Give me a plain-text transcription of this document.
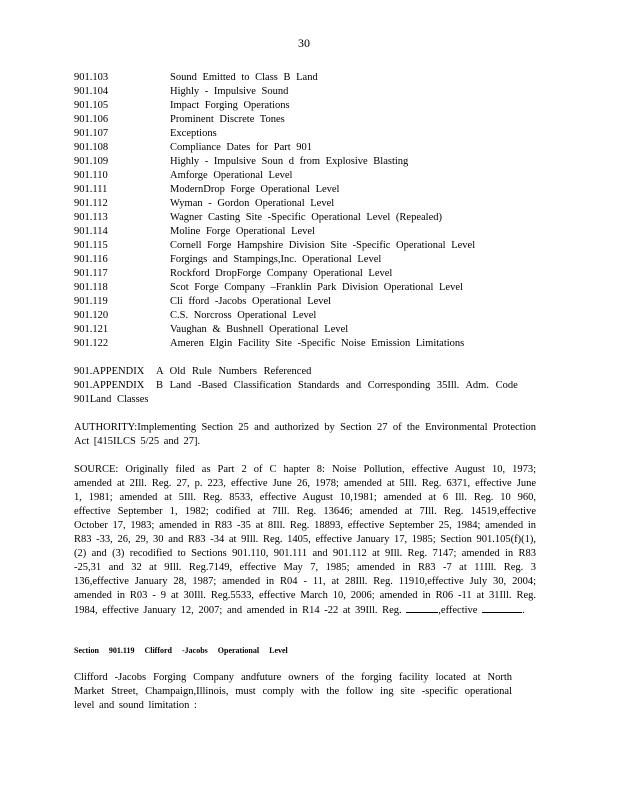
30
901.103	Sound Emitted to Class B Land
901.104	Highly - Impulsive Sound
901.105	Impact Forging Operations
901.106	Prominent Discrete Tones
901.107	Exceptions
901.108	Compliance Dates for Part 901
901.109	Highly - Impulsive Soun d from Explosive Blasting
901.110	Amforge Operational Level
901.111	ModernDrop Forge Operational Level
901.112	Wyman - Gordon Operational Level
901.113	Wagner Casting Site -Specific Operational Level (Repealed)
901.114	Moline Forge Operational Level
901.115	Cornell Forge Hampshire Division Site -Specific Operational Level
901.116	Forgings and Stampings,Inc. Operational Level
901.117	Rockford DropForge Company Operational Level
901.118	Scot Forge Company –Franklin Park Division Operational Level
901.119	Cli fford -Jacobs Operational Level
901.120	C.S. Norcross Operational Level
901.121	Vaughan & Bushnell Operational Level
901.122	Ameren Elgin Facility Site -Specific Noise Emission Limitations
901.APPENDIX	A Old Rule Numbers Referenced
901.APPENDIX	B Land -Based Classification Standards and Corresponding 35Ill. Adm. Code
901Land Classes
AUTHORITY:Implementing Section 25 and authorized by Section 27 of the Environmental Protection Act [415ILCS 5/25 and 27].
SOURCE: Originally filed as Part 2 of C hapter 8: Noise Pollution, effective August 10, 1973; amended at 2Ill. Reg. 27, p. 223, effective June 26, 1978; amended at 5Ill. Reg. 6371, effective June 1, 1981; amended at 5Ill. Reg. 8533, effective August 10,1981; amended at 6 Ill. Reg. 10 960, effective September 1, 1982; codified at 7Ill. Reg. 13646; amended at 7Ill. Reg. 14519,effective October 17, 1983; amended in R83 -35 at 8Ill. Reg. 18893, effective September 25, 1984; amended in R83 -33, 26, 29, 30 and R83 -34 at 9Ill. Reg. 1405, effective January 17, 1985; Section 901.105(f)(1), (2) and (3) recodified to Sections 901.110, 901.111 and 901.112 at 9Ill. Reg. 7147; amended in R83 -25,31 and 32 at 9Ill. Reg.7149, effective May 7, 1985; amended in R83 -7 at 11Ill. Reg. 3 136,effective January 28, 1987; amended in R04 - 11, at 28Ill. Reg. 11910,effective July 30, 2004; amended in R03 - 9 at 30Ill. Reg.5533, effective March 10, 2006; amended in R06 -11 at 31Ill. Reg. 1984, effective January 12, 2007; and amended in R14 -22 at 39Ill. Reg.	,effective	.
Section 901.119 Clifford -Jacobs Operational Level
Clifford -Jacobs Forging Company andfuture owners of the forging facility located at North Market Street, Champaign,Illinois, must comply with the follow ing site -specific operational level and sound limitation :
